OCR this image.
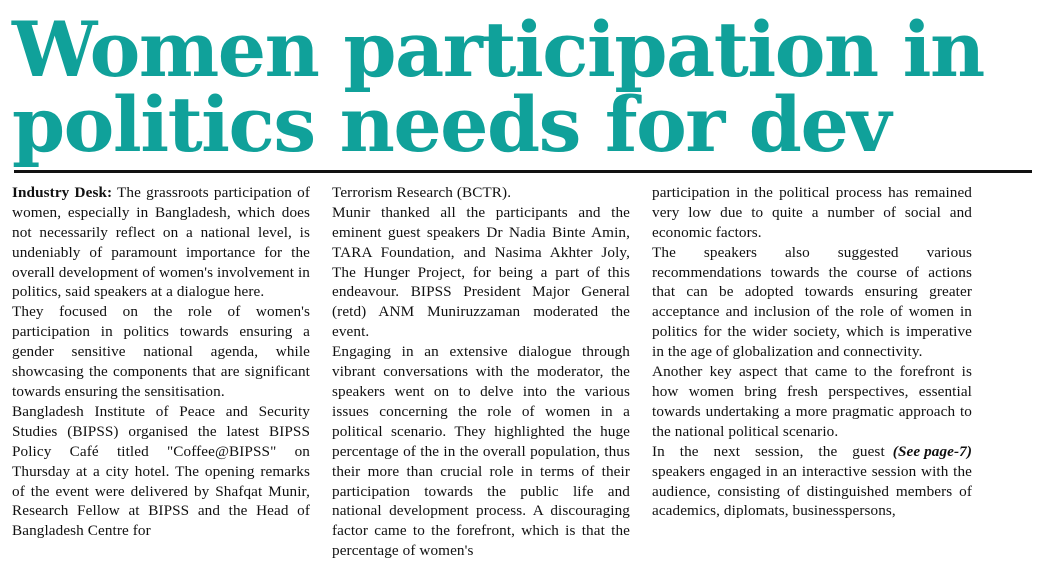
Women participation in
politics needs for dev

Industry Desk: The grassroots participation of women, especially in Bangladesh, which does not necessarily reflect on a national level, is undeniably of paramount importance for the overall development of women's involvement in politics, said speakers at a dialogue here.

They focused on the role of women's participation in politics towards ensuring a gender sensitive national agenda, while showcasing the components that are significant towards ensuring the sensitisation.

Bangladesh Institute of Peace and Security Studies (BIPSS) organised the latest BIPSS Policy Café titled "Coffee@BIPSS" on Thursday at a city hotel. The opening remarks of the event were delivered by Shafqat Munir, Research Fellow at BIPSS and the Head of Bangladesh Centre for

Terrorism Research (BCTR).

Munir thanked all the participants and the eminent guest speakers Dr Nadia Binte Amin, TARA Foundation, and Nasima Akhter Joly, The Hunger Project, for being a part of this endeavour. BIPSS President Major General (retd) ANM Muniruzzaman moderated the event.

Engaging in an extensive dialogue through vibrant conversations with the moderator, the speakers went on to delve into the various issues concerning the role of women in a political scenario. They highlighted the huge percentage of the in the overall population, thus their more than crucial role in terms of their participation towards the public life and national development process. A discouraging factor came to the forefront, which is that the percentage of women's

participation in the political process has remained very low due to quite a number of social and economic factors.

The speakers also suggested various recommendations towards the course of actions that can be adopted towards ensuring greater acceptance and inclusion of the role of women in politics for the wider society, which is imperative in the age of globalization and connectivity.

Another key aspect that came to the forefront is how women bring fresh perspectives, essential towards undertaking a more pragmatic approach to the national political scenario.

(See page-7)
In the next session, the guest speakers engaged in an interactive session with the audience, consisting of distinguished members of academics, diplomats, businesspersons,
